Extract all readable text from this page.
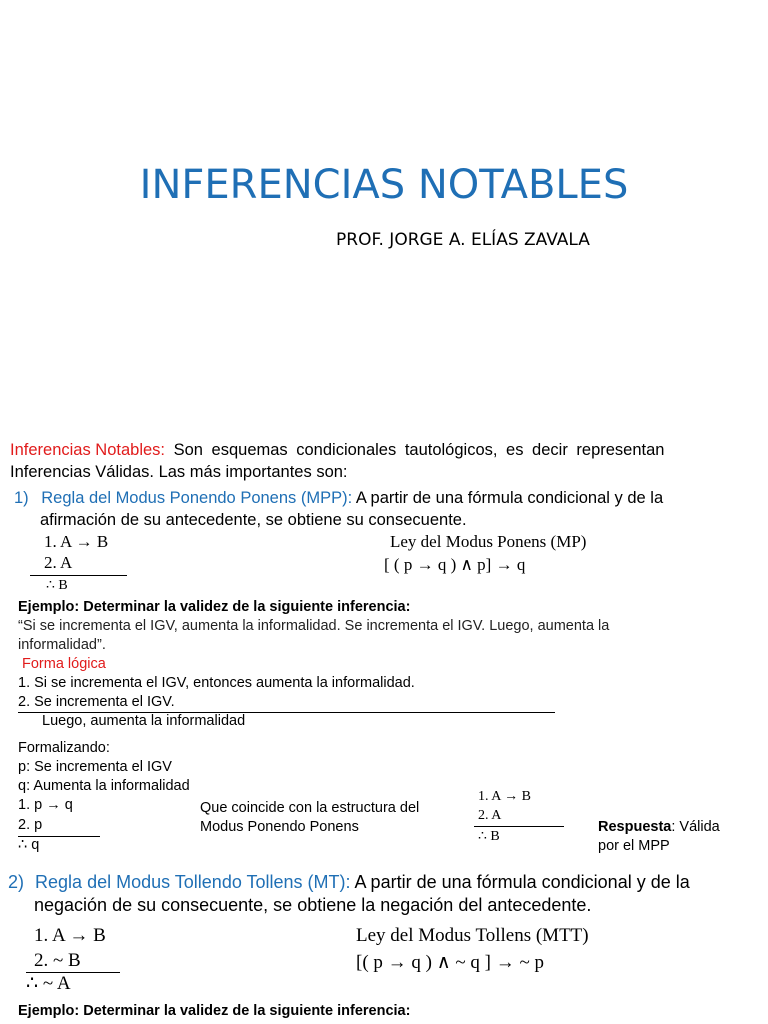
INFERENCIAS NOTABLES
PROF. JORGE A. ELÍAS ZAVALA
Inferencias Notables: Son esquemas condicionales tautológicos, es decir representan
Inferencias Válidas. Las más importantes son:
1) Regla del Modus Ponendo Ponens (MPP): A partir de una fórmula condicional y de la
afirmación de su antecedente, se obtiene su consecuente.
1. A → B
2. A
∴ B
Ley del Modus Ponens (MP)
[ ( p → q ) ∧ p] → q
Ejemplo: Determinar la validez de la siguiente inferencia:
“Si se incrementa el IGV, aumenta la informalidad. Se incrementa el IGV. Luego, aumenta la
informalidad”.
Forma lógica
1. Si se incrementa el IGV, entonces aumenta la informalidad.
2. Se incrementa el IGV.
Luego, aumenta la informalidad
Formalizando:
p: Se incrementa el IGV
q: Aumenta la informalidad
1. p → q
2. p
∴ q
Que coincide con la estructura del
Modus Ponendo Ponens
1. A → B
2. A
∴ B
Respuesta: Válida
por el MPP
2) Regla del Modus Tollendo Tollens (MT): A partir de una fórmula condicional y de la
negación de su consecuente, se obtiene la negación del antecedente.
1. A → B
2. ~ B
∴ ~ A
Ley del Modus Tollens (MTT)
[( p → q ) ∧ ~ q ] → ~ p
Ejemplo: Determinar la validez de la siguiente inferencia:
